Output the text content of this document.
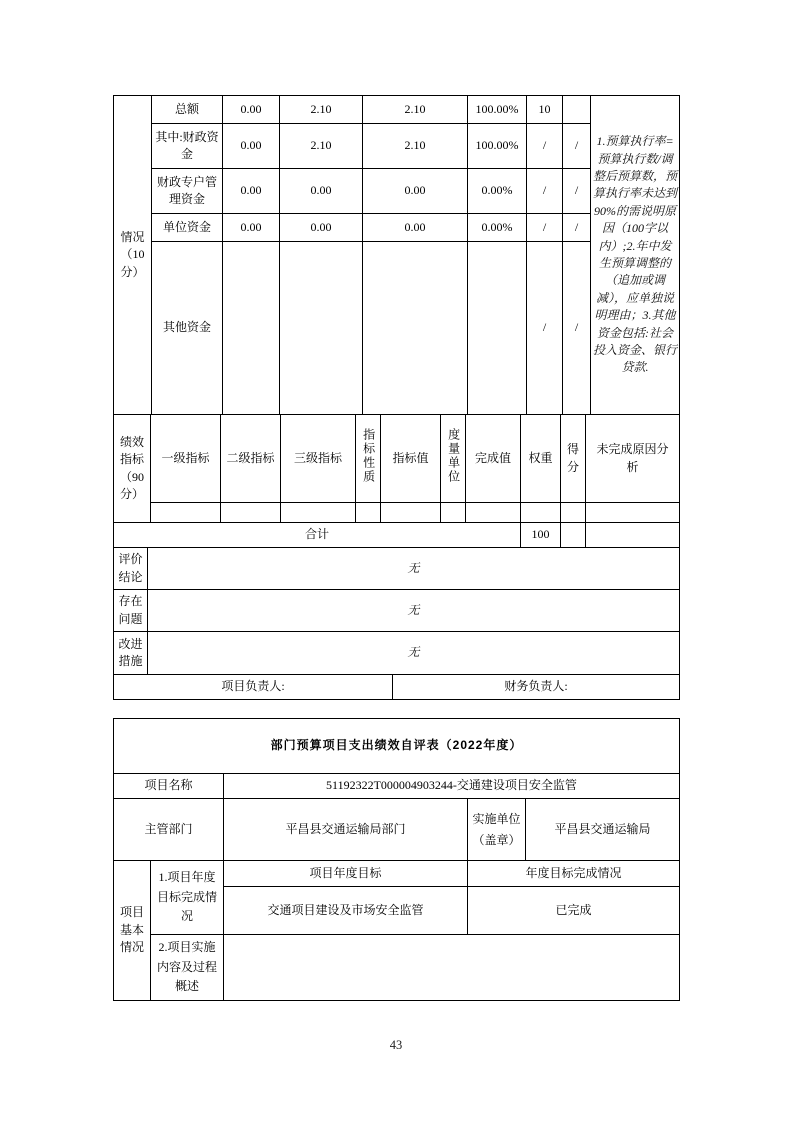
情况（10分）	总额	0.00	2.10	2.10	100.00%	10		1.预算执行率=预算执行数/调整后预算数，预算执行率未达到90%的需说明原因（100字以内）;2.年中发生预算调整的（追加或调减），应单独说明理由；3.其他资金包括:社会投入资金、银行贷款.
	其中:财政资金	0.00	2.10	2.10	100.00%	/	/	
	财政专户管理资金	0.00	0.00	0.00	0.00%	/	/	
	单位资金	0.00	0.00	0.00	0.00%	/	/	
	其他资金					/	/	
绩效指标（90分）	一级指标	二级指标	三级指标	指标性质	指标值	度量单位	完成值	权重	得分	未完成原因分析

合计	100		
评价结论	无
存在问题	无
改进措施	无
项目负责人:	财务负责人:
部门预算项目支出绩效自评表（2022年度）
项目名称	51192322T000004903244-交通建设项目安全监管
主管部门	平昌县交通运输局部门	实施单位（盖章）	平昌县交通运输局
项目基本情况	1.项目年度目标完成情况	项目年度目标	年度目标完成情况
		交通项目建设及市场安全监管	已完成
	2.项目实施内容及过程概述		
43
